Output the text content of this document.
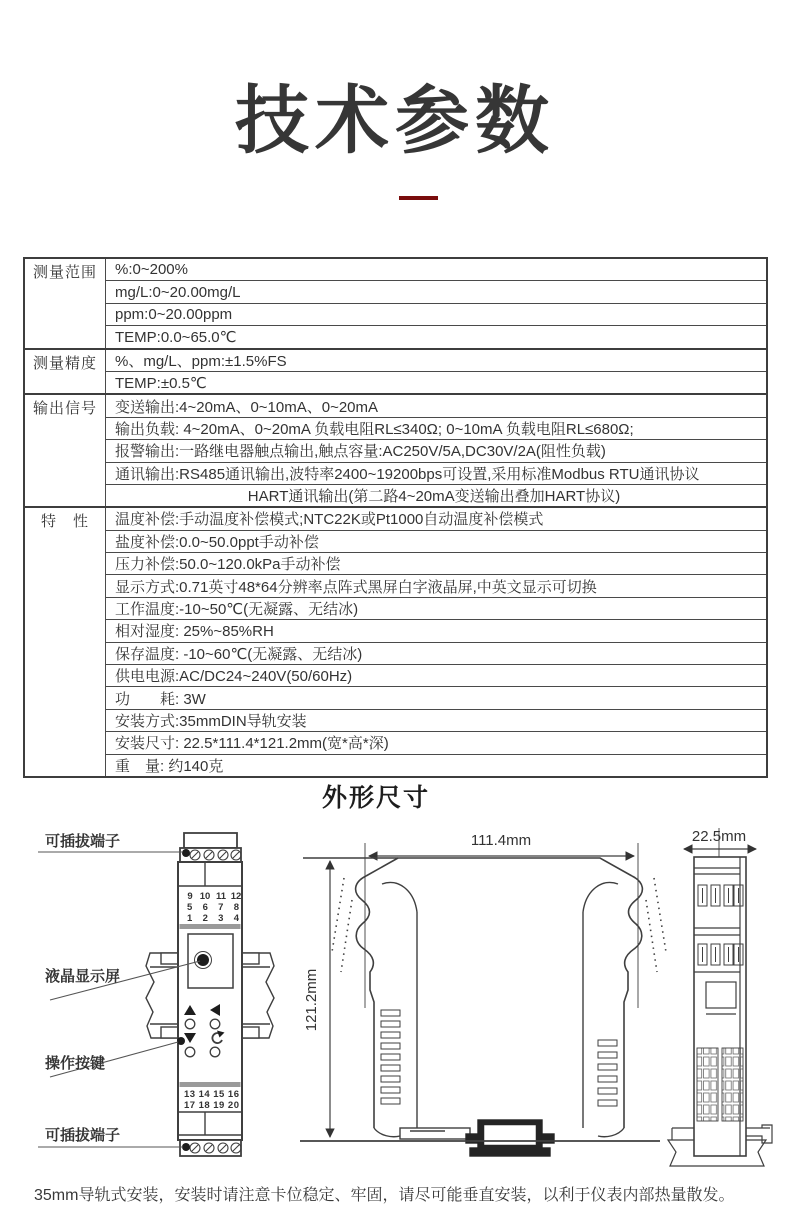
技术参数
测量范围	%:0~200%
	mg/L:0~20.00mg/L
	ppm:0~20.00ppm
	TEMP:0.0~65.0℃
测量精度	%、mg/L、ppm:±1.5%FS
	TEMP:±0.5℃
输出信号	变送输出:4~20mA、0~10mA、0~20mA
	输出负载: 4~20mA、0~20mA 负载电阻RL≤340Ω; 0~10mA 负载电阻RL≤680Ω;
	报警输出:一路继电器触点输出,触点容量:AC250V/5A,DC30V/2A(阻性负载)
	通讯输出:RS485通讯输出,波特率2400~19200bps可设置,采用标准Modbus RTU通讯协议
	HART通讯输出(第二路4~20mA变送输出叠加HART协议)
特　性	温度补偿:手动温度补偿模式;NTC22K或Pt1000自动温度补偿模式
	盐度补偿:0.0~50.0ppt手动补偿
	压力补偿:50.0~120.0kPa手动补偿
	显示方式:0.71英寸48*64分辨率点阵式黑屏白字液晶屏,中英文显示可切换
	工作温度:-10~50℃(无凝露、无结冰)
	相对湿度: 25%~85%RH
	保存温度: -10~60℃(无凝露、无结冰)
	供电电源:AC/DC24~240V(50/60Hz)
	功　　耗: 3W
	安装方式:35mmDIN导轨安装
	安装尺寸: 22.5*111.4*121.2mm(宽*高*深)
	重　量: 约140克
外形尺寸
9 10 11 12
5 6 7 8
1 2 3 4
13 14 15 16
17 18 19 20
可插拔端子
液晶显示屏
操作按键
可插拔端子
111.4mm
121.2mm
22.5mm
35mm导轨式安装，安装时请注意卡位稳定、牢固，请尽可能垂直安装，以利于仪表内部热量散发。
